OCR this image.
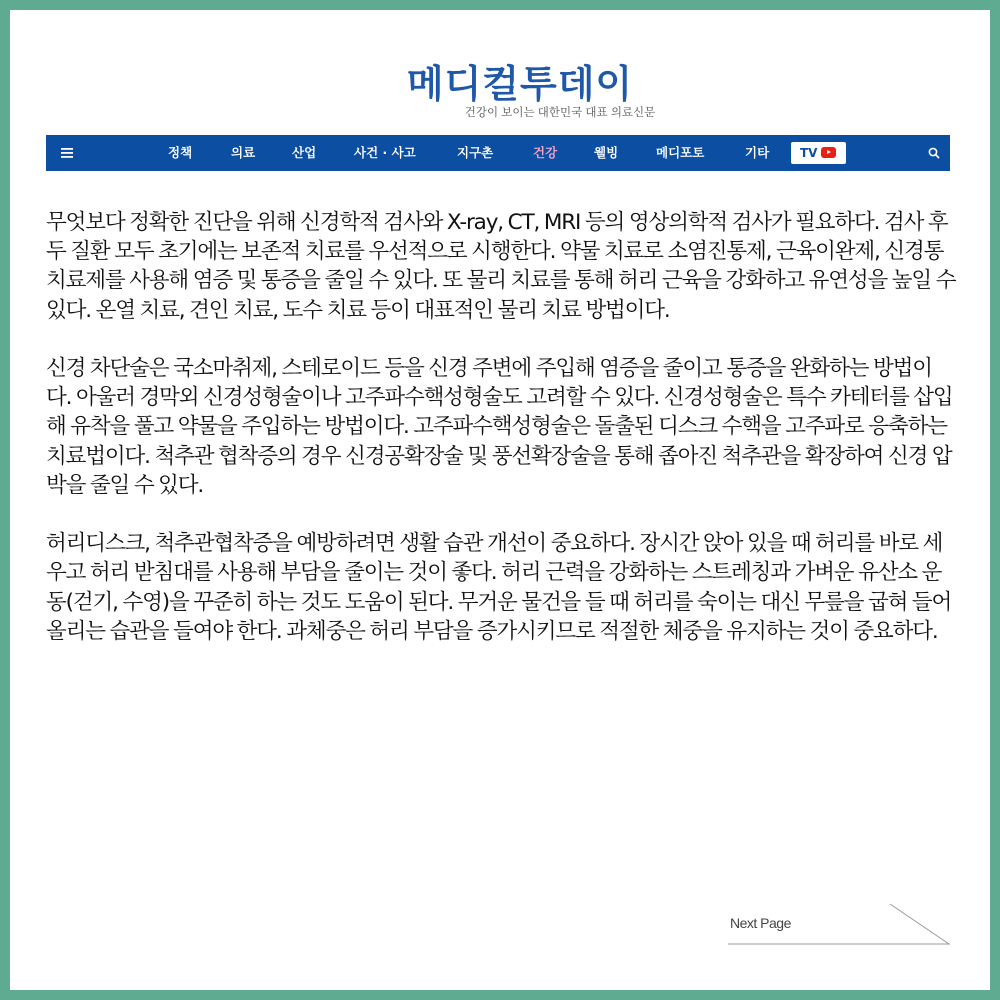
메디컬투데이
건강이 보이는 대한민국 대표 의료신문
정책	의료	산업	사건 · 사고	지구촌	건강	웰빙	메디포토	기타	TV

무엇보다 정확한 진단을 위해 신경학적 검사와 X-ray, CT, MRI 등의 영상의학적 검사가 필요하다. 검사 후 두 질환 모두 초기에는 보존적 치료를 우선적으로 시행한다. 약물 치료로 소염진통제, 근육이완제, 신경통 치료제를 사용해 염증 및 통증을 줄일 수 있다. 또 물리 치료를 통해 허리 근육을 강화하고 유연성을 높일 수 있다. 온열 치료, 견인 치료, 도수 치료 등이 대표적인 물리 치료 방법이다.

신경 차단술은 국소마취제, 스테로이드 등을 신경 주변에 주입해 염증을 줄이고 통증을 완화하는 방법이다. 아울러 경막외 신경성형술이나 고주파수핵성형술도 고려할 수 있다. 신경성형술은 특수 카테터를 삽입해 유착을 풀고 약물을 주입하는 방법이다. 고주파수핵성형술은 돌출된 디스크 수핵을 고주파로 응축하는 치료법이다. 척추관 협착증의 경우 신경공확장술 및 풍선확장술을 통해 좁아진 척추관을 확장하여 신경 압박을 줄일 수 있다.

허리디스크, 척추관협착증을 예방하려면 생활 습관 개선이 중요하다. 장시간 앉아 있을 때 허리를 바로 세우고 허리 받침대를 사용해 부담을 줄이는 것이 좋다. 허리 근력을 강화하는 스트레칭과 가벼운 유산소 운동(걷기, 수영)을 꾸준히 하는 것도 도움이 된다. 무거운 물건을 들 때 허리를 숙이는 대신 무릎을 굽혀 들어 올리는 습관을 들여야 한다. 과체중은 허리 부담을 증가시키므로 적절한 체중을 유지하는 것이 중요하다.

Next Page
